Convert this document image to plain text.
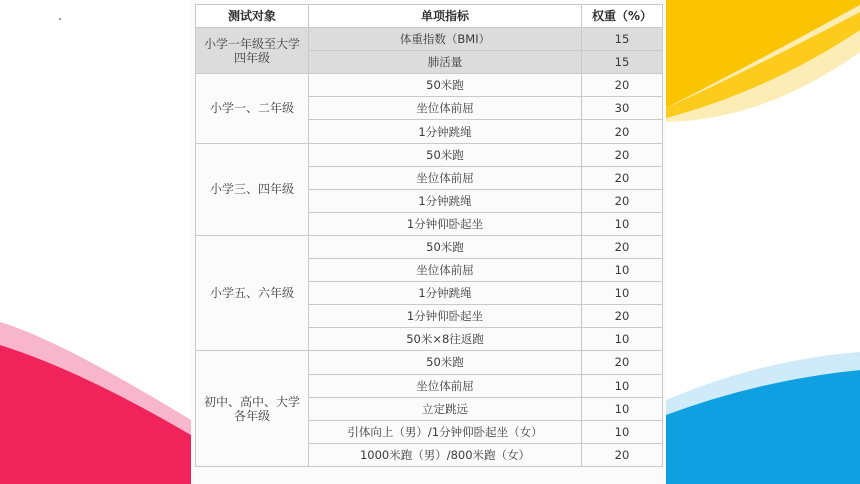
测试对象	单项指标	权重（%）
小学一年级至大学四年级	体重指数（BMI）	15
	肺活量	15
小学一、二年级	50米跑	20
	坐位体前屈	30
	1分钟跳绳	20
小学三、四年级	50米跑	20
	坐位体前屈	20
	1分钟跳绳	20
	1分钟仰卧起坐	10
小学五、六年级	50米跑	20
	坐位体前屈	10
	1分钟跳绳	10
	1分钟仰卧起坐	20
	50米×8往返跑	10
初中、高中、大学各年级	50米跑	20
	坐位体前屈	10
	立定跳远	10
	引体向上（男）/1分钟仰卧起坐（女）	10
	1000米跑（男）/800米跑（女）	20
